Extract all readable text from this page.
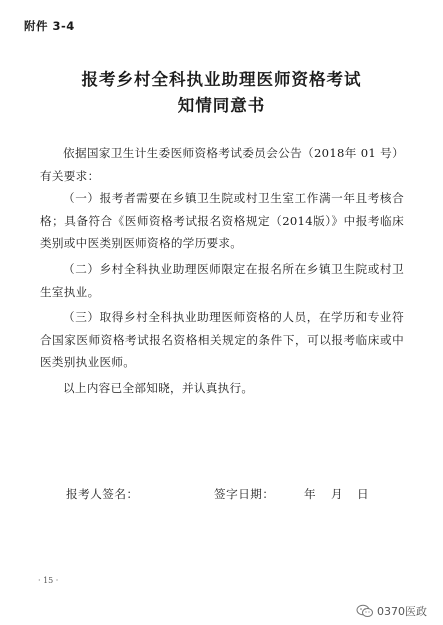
附件 3-4
报考乡村全科执业助理医师资格考试
知情同意书

依据国家卫生计生委医师资格考试委员会公告（2018年 01 号）有关要求：

（一）报考者需要在乡镇卫生院或村卫生室工作满一年且考核合格；具备符合《医师资格考试报名资格规定（2014版）》中报考临床类别或中医类别医师资格的学历要求。

（二）乡村全科执业助理医师限定在报名所在乡镇卫生院或村卫生室执业。

（三）取得乡村全科执业助理医师资格的人员，在学历和专业符合国家医师资格考试报名资格相关规定的条件下，可以报考临床或中医类别执业医师。

以上内容已全部知晓，并认真执行。

报考人签名：	签字日期：	年 月 日
· 15 ·
0370医政
